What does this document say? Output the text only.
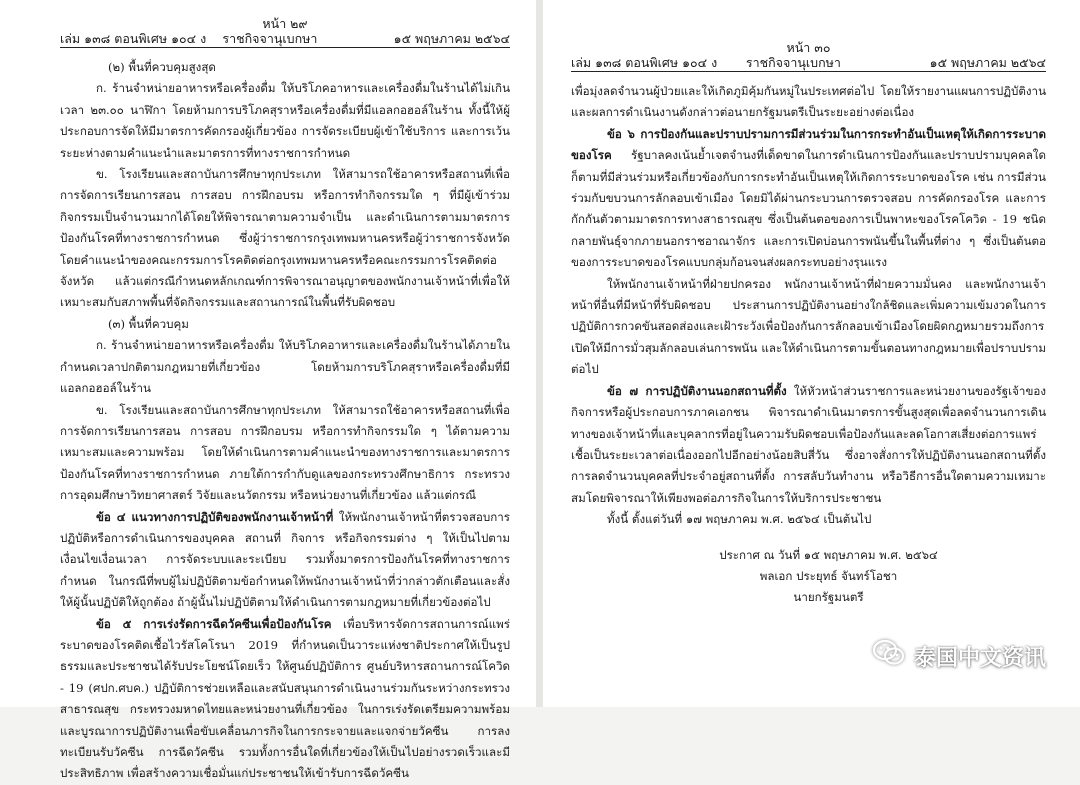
หน้า ๒๙
เล่ม ๑๓๘ ตอนพิเศษ ๑๐๔ ง ราชกิจจานุเบกษา	๑๕ พฤษภาคม ๒๕๖๔

(๒) พื้นที่ควบคุมสูงสุด

ก. ร้านจำหน่ายอาหารหรือเครื่องดื่ม ให้บริโภคอาหารและเครื่องดื่มในร้านได้ไม่เกินเวลา ๒๓.๐๐ นาฬิกา โดยห้ามการบริโภคสุราหรือเครื่องดื่มที่มีแอลกอฮอล์ในร้าน ทั้งนี้ให้ผู้ประกอบการจัดให้มีมาตรการคัดกรองผู้เกี่ยวข้อง การจัดระเบียบผู้เข้าใช้บริการ และการเว้นระยะห่างตามคำแนะนำและมาตรการที่ทางราชการกำหนด

ข. โรงเรียนและสถาบันการศึกษาทุกประเภท ให้สามารถใช้อาคารหรือสถานที่เพื่อการจัดการเรียนการสอน การสอบ การฝึกอบรม หรือการทำกิจกรรมใด ๆ ที่มีผู้เข้าร่วมกิจกรรมเป็นจำนวนมากได้โดยให้พิจารณาตามความจำเป็น และดำเนินการตามมาตรการป้องกันโรคที่ทางราชการกำหนด ซึ่งผู้ว่าราชการกรุงเทพมหานครหรือผู้ว่าราชการจังหวัด โดยคำแนะนำของคณะกรรมการโรคติดต่อกรุงเทพมหานครหรือคณะกรรมการโรคติดต่อจังหวัด แล้วแต่กรณีกำหนดหลักเกณฑ์การพิจารณาอนุญาตของพนักงานเจ้าหน้าที่เพื่อให้เหมาะสมกับสภาพพื้นที่จัดกิจกรรมและสถานการณ์ในพื้นที่รับผิดชอบ

(๓) พื้นที่ควบคุม

ก. ร้านจำหน่ายอาหารหรือเครื่องดื่ม ให้บริโภคอาหารและเครื่องดื่มในร้านได้ภายในกำหนดเวลาปกติตามกฎหมายที่เกี่ยวข้อง โดยห้ามการบริโภคสุราหรือเครื่องดื่มที่มีแอลกอฮอล์ในร้าน

ข. โรงเรียนและสถาบันการศึกษาทุกประเภท ให้สามารถใช้อาคารหรือสถานที่เพื่อการจัดการเรียนการสอน การสอบ การฝึกอบรม หรือการทำกิจกรรมใด ๆ ได้ตามความเหมาะสมและความพร้อม โดยให้ดำเนินการตามคำแนะนำของทางราชการและมาตรการป้องกันโรคที่ทางราชการกำหนด ภายใต้การกำกับดูแลของกระทรวงศึกษาธิการ กระทรวงการอุดมศึกษาวิทยาศาสตร์ วิจัยและนวัตกรรม หรือหน่วยงานที่เกี่ยวข้อง แล้วแต่กรณี

ข้อ ๔ แนวทางการปฏิบัติของพนักงานเจ้าหน้าที่ ให้พนักงานเจ้าหน้าที่ตรวจสอบการปฏิบัติหรือการดำเนินการของบุคคล สถานที่ กิจการ หรือกิจกรรมต่าง ๆ ให้เป็นไปตามเงื่อนไขเงื่อนเวลา การจัดระบบและระเบียบ รวมทั้งมาตรการป้องกันโรคที่ทางราชการกำหนด ในกรณีที่พบผู้ไม่ปฏิบัติตามข้อกำหนดให้พนักงานเจ้าหน้าที่ว่ากล่าวตักเตือนและสั่งให้ผู้นั้นปฏิบัติให้ถูกต้อง ถ้าผู้นั้นไม่ปฏิบัติตามให้ดำเนินการตามกฎหมายที่เกี่ยวข้องต่อไป

ข้อ ๕ การเร่งรัดการฉีดวัคซีนเพื่อป้องกันโรค เพื่อบริหารจัดการสถานการณ์แพร่ระบาดของโรคติดเชื้อไวรัสโคโรนา 2019 ที่กำหนดเป็นวาระแห่งชาติประกาศให้เป็นรูปธรรมและประชาชนได้รับประโยชน์โดยเร็ว ให้ศูนย์ปฏิบัติการ ศูนย์บริหารสถานการณ์โควิด - 19 (ศปก.ศบค.) ปฏิบัติการช่วยเหลือและสนับสนุนการดำเนินงานร่วมกันระหว่างกระทรวงสาธารณสุข กระทรวงมหาดไทยและหน่วยงานที่เกี่ยวข้อง ในการเร่งรัดเตรียมความพร้อมและบูรณาการปฏิบัติงานเพื่อขับเคลื่อนภารกิจในการกระจายและแจกจ่ายวัคซีน การลงทะเบียนรับวัคซีน การฉีดวัคซีน รวมทั้งการอื่นใดที่เกี่ยวข้องให้เป็นไปอย่างรวดเร็วและมีประสิทธิภาพ เพื่อสร้างความเชื่อมั่นแก่ประชาชนให้เข้ารับการฉีดวัคซีน

หน้า ๓๐
เล่ม ๑๓๘ ตอนพิเศษ ๑๐๔ ง ราชกิจจานุเบกษา	๑๕ พฤษภาคม ๒๕๖๔

เพื่อมุ่งลดจำนวนผู้ป่วยและให้เกิดภูมิคุ้มกันหมู่ในประเทศต่อไป โดยให้รายงานแผนการปฏิบัติงานและผลการดำเนินงานดังกล่าวต่อนายกรัฐมนตรีเป็นระยะอย่างต่อเนื่อง

ข้อ ๖ การป้องกันและปราบปรามการมีส่วนร่วมในการกระทำอันเป็นเหตุให้เกิดการระบาดของโรค รัฐบาลคงเน้นย้ำเจตจำนงที่เด็ดขาดในการดำเนินการป้องกันและปราบปรามบุคคลใดก็ตามที่มีส่วนร่วมหรือเกี่ยวข้องกับการกระทำอันเป็นเหตุให้เกิดการระบาดของโรค เช่น การมีส่วนร่วมกับขบวนการลักลอบเข้าเมือง โดยมิได้ผ่านกระบวนการตรวจสอบ การคัดกรองโรค และการกักกันตัวตามมาตรการทางสาธารณสุข ซึ่งเป็นต้นตอของการเป็นพาหะของโรคโควิด - 19 ชนิดกลายพันธุ์จากภายนอกราชอาณาจักร และการเปิดบ่อนการพนันขึ้นในพื้นที่ต่าง ๆ ซึ่งเป็นต้นตอของการระบาดของโรคแบบกลุ่มก้อนจนส่งผลกระทบอย่างรุนแรง

ให้พนักงานเจ้าหน้าที่ฝ่ายปกครอง พนักงานเจ้าหน้าที่ฝ่ายความมั่นคง และพนักงานเจ้าหน้าที่อื่นที่มีหน้าที่รับผิดชอบ ประสานการปฏิบัติงานอย่างใกล้ชิดและเพิ่มความเข้มงวดในการปฏิบัติการกวดขันสอดส่องและเฝ้าระวังเพื่อป้องกันการลักลอบเข้าเมืองโดยผิดกฎหมายรวมถึงการเปิดให้มีการมั่วสุมลักลอบเล่นการพนัน และให้ดำเนินการตามขั้นตอนทางกฎหมายเพื่อปราบปรามต่อไป

ข้อ ๗ การปฏิบัติงานนอกสถานที่ตั้ง ให้หัวหน้าส่วนราชการและหน่วยงานของรัฐเจ้าของกิจการหรือผู้ประกอบการภาคเอกชน พิจารณาดำเนินมาตรการขั้นสูงสุดเพื่อลดจำนวนการเดินทางของเจ้าหน้าที่และบุคลากรที่อยู่ในความรับผิดชอบเพื่อป้องกันและลดโอกาสเสี่ยงต่อการแพร่เชื้อเป็นระยะเวลาต่อเนื่องออกไปอีกอย่างน้อยสิบสี่วัน ซึ่งอาจสั่งการให้ปฏิบัติงานนอกสถานที่ตั้งการลดจำนวนบุคคลที่ประจำอยู่สถานที่ตั้ง การสลับวันทำงาน หรือวิธีการอื่นใดตามความเหมาะสมโดยพิจารณาให้เพียงพอต่อภารกิจในการให้บริการประชาชน

ทั้งนี้ ตั้งแต่วันที่ ๑๗ พฤษภาคม พ.ศ. ๒๕๖๔ เป็นต้นไป

ประกาศ ณ วันที่ ๑๕ พฤษภาคม พ.ศ. ๒๕๖๔
พลเอก ประยุทธ์ จันทร์โอชา
นายกรัฐมนตรี
泰国中文资讯
